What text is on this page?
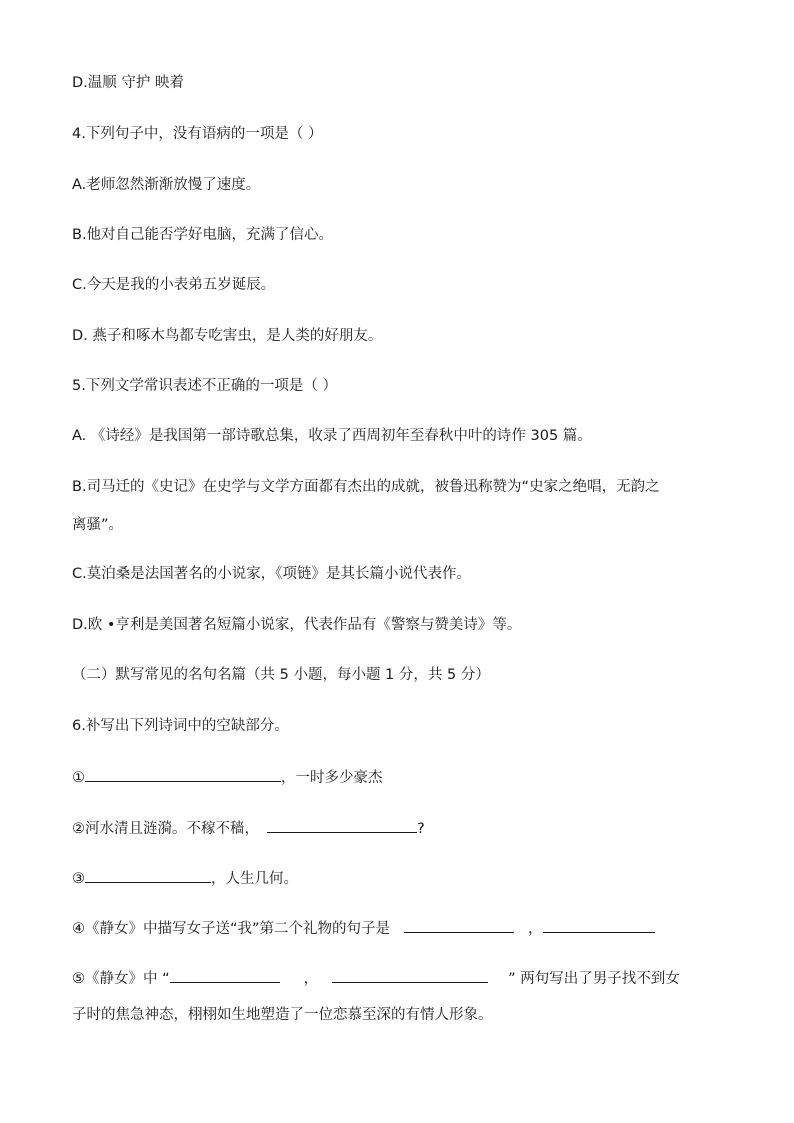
D.温顺 守护 映着
4.下列句子中，没有语病的一项是（ ）
A.老师忽然渐渐放慢了速度。
B.他对自己能否学好电脑，充满了信心。
C.今天是我的小表弟五岁诞辰。
D. 燕子和啄木鸟都专吃害虫，是人类的好朋友。
5.下列文学常识表述不正确的一项是（ ）
A. 《诗经》是我国第一部诗歌总集，收录了西周初年至春秋中叶的诗作 305 篇。
B.司马迁的《史记》在史学与文学方面都有杰出的成就，被鲁迅称赞为“史家之绝唱，无韵之
离骚”。
C.莫泊桑是法国著名的小说家，《项链》是其长篇小说代表作。
D.欧 •亨利是美国著名短篇小说家，代表作品有《警察与赞美诗》等。
（二）默写常见的名句名篇（共 5 小题，每小题 1 分，共 5 分）
6.补写出下列诗词中的空缺部分。
①	，一时多少豪杰
②河水清且涟漪。不稼不穑，	?
③	，人生几何。
④《静女》中描写女子送“我”第二个礼物的句子是	，
⑤《静女》中 “	，	” 两句写出了男子找不到女
子时的焦急神态，栩栩如生地塑造了一位恋慕至深的有情人形象。
